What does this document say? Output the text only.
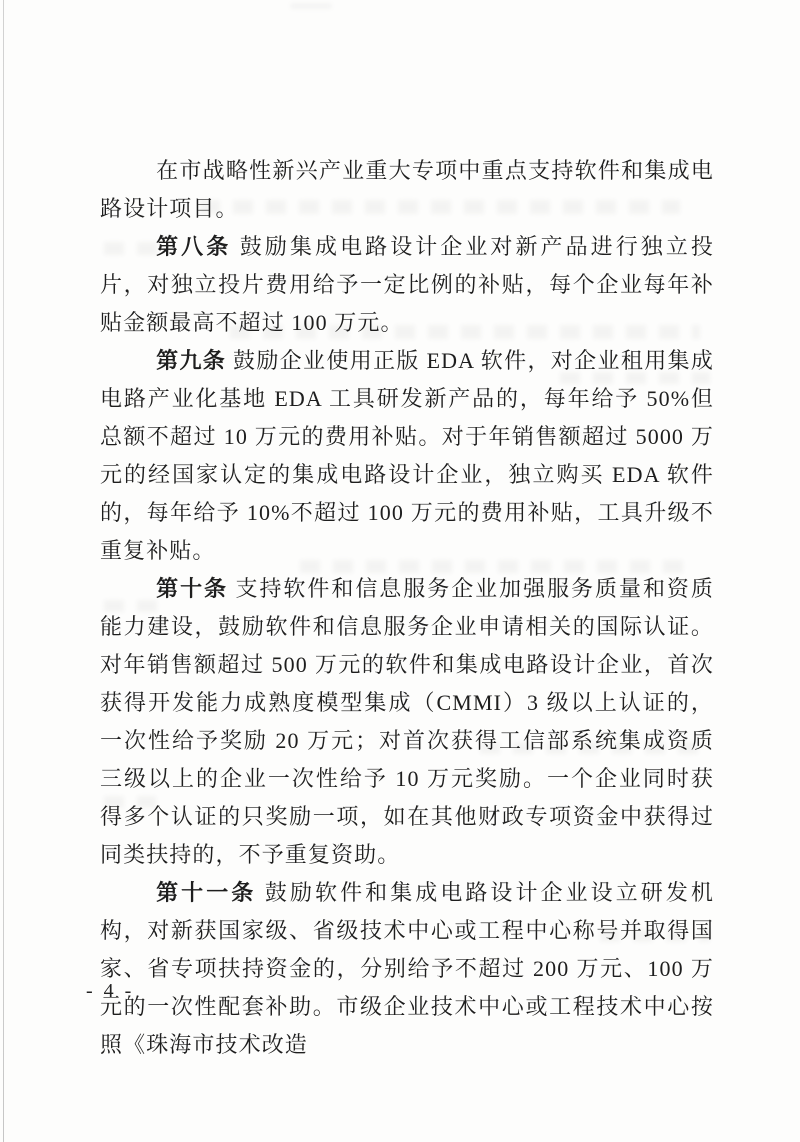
在市战略性新兴产业重大专项中重点支持软件和集成电路设计项目。

第八条 鼓励集成电路设计企业对新产品进行独立投片，对独立投片费用给予一定比例的补贴，每个企业每年补贴金额最高不超过 100 万元。

第九条 鼓励企业使用正版 EDA 软件，对企业租用集成电路产业化基地 EDA 工具研发新产品的，每年给予 50%但总额不超过 10 万元的费用补贴。对于年销售额超过 5000 万元的经国家认定的集成电路设计企业，独立购买 EDA 软件的，每年给予 10%不超过 100 万元的费用补贴，工具升级不重复补贴。

第十条 支持软件和信息服务企业加强服务质量和资质能力建设，鼓励软件和信息服务企业申请相关的国际认证。对年销售额超过 500 万元的软件和集成电路设计企业，首次获得开发能力成熟度模型集成（CMMI）3 级以上认证的，一次性给予奖励 20 万元；对首次获得工信部系统集成资质三级以上的企业一次性给予 10 万元奖励。一个企业同时获得多个认证的只奖励一项，如在其他财政专项资金中获得过同类扶持的，不予重复资助。

第十一条 鼓励软件和集成电路设计企业设立研发机构，对新获国家级、省级技术中心或工程中心称号并取得国家、省专项扶持资金的，分别给予不超过 200 万元、100 万元的一次性配套补助。市级企业技术中心或工程技术中心按照《珠海市技术改造

- 4 -
